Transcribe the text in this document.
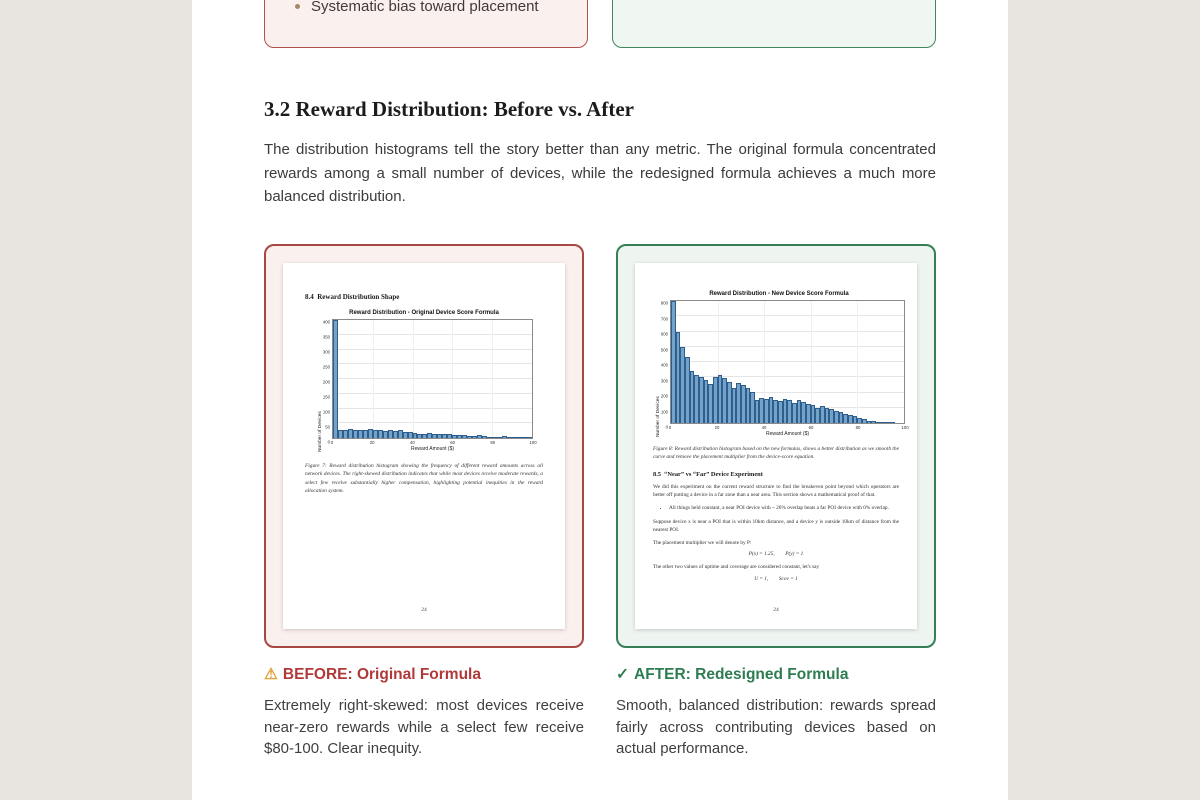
Systematic bias toward placement
3.2 Reward Distribution: Before vs. After

The distribution histograms tell the story better than any metric. The original formula concentrated rewards among a small number of devices, while the redesigned formula achieves a much more balanced distribution.

8.4 Reward Distribution Shape
Reward Distribution - Original Device Score Formula
Number of Devices 0
50
100
150
200
250
300
350
400
0	20	40	60	80	100
Reward Amount ($)
Figure 7: Reward distribution histogram showing the frequency of different reward amounts across all network devices. The right-skewed distribution indicates that while most devices receive moderate rewards, a select few receive substantially higher compensation, highlighting potential inequities in the reward allocation system.
24
Reward Distribution - New Device Score Formula
Number of Devices 0
100
200
300
400
500
600
700
800
0	20	40	60	80	100
Reward Amount ($)
Figure 8: Reward distribution histogram based on the new formulas, shows a better distribution as we smooth the curve and remove the placement multiplier from the device-score equation.
8.5 “Near” vs “Far” Device Experiment

We did this experiment on the current reward structure to find the breakeven point beyond which operators are better off putting a device in a far zone than a near area. This section shows a mathematical proof of that.

• All things held constant, a near POI device with ~ 26% overlap beats a far POI device with 0% overlap.

Suppose device x is near a POI that is within 10km distance, and a device y is outside 10km of distance from the nearest POI.

The placement multiplier we will denote by P:

P(x) = 1.25,  P(y) = 1

The other two values of uptime and coverage are considered constant, let's say

U = 1,  Scov = 1
24
⚠ BEFORE: Original Formula	✓ AFTER: Redesigned Formula

Extremely right-skewed: most devices receive near-zero rewards while a select few receive $80-100. Clear inequity.

Smooth, balanced distribution: rewards spread fairly across contributing devices based on actual performance.
